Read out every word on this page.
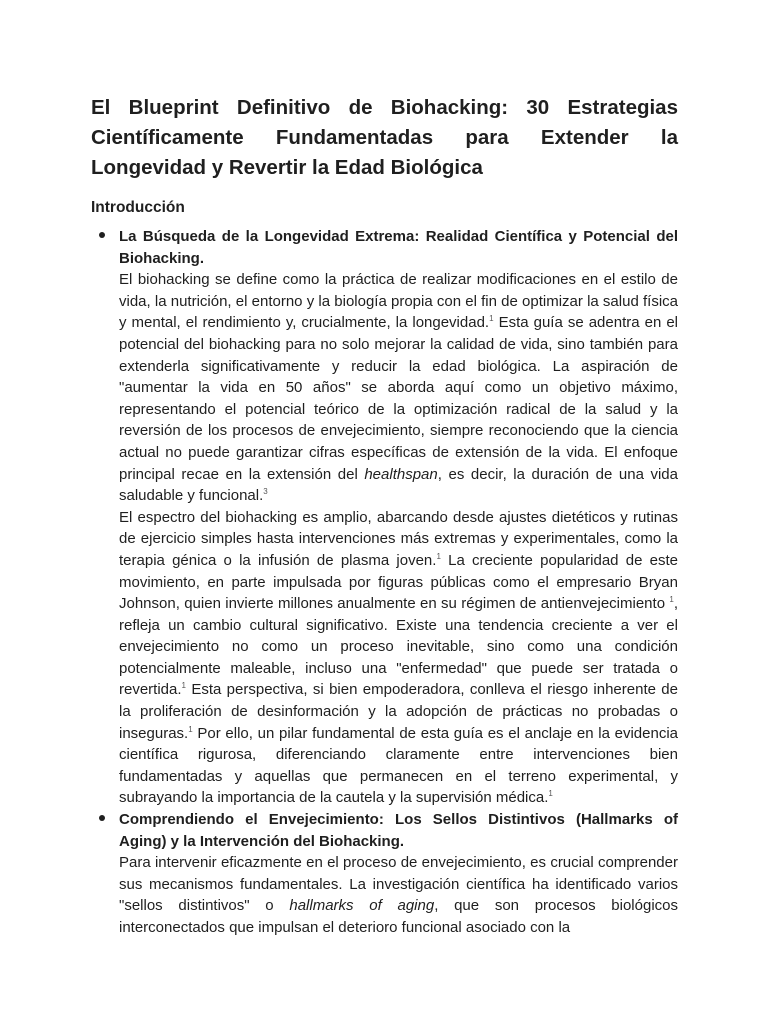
El Blueprint Definitivo de Biohacking: 30 Estrategias Científicamente Fundamentadas para Extender la Longevidad y Revertir la Edad Biológica
Introducción

La Búsqueda de la Longevidad Extrema: Realidad Científica y Potencial del Biohacking.

El biohacking se define como la práctica de realizar modificaciones en el estilo de vida, la nutrición, el entorno y la biología propia con el fin de optimizar la salud física y mental, el rendimiento y, crucialmente, la longevidad.$^1$ Esta guía se adentra en el potencial del biohacking para no solo mejorar la calidad de vida, sino también para extenderla significativamente y reducir la edad biológica. La aspiración de "aumentar la vida en 50 años" se aborda aquí como un objetivo máximo, representando el potencial teórico de la optimización radical de la salud y la reversión de los procesos de envejecimiento, siempre reconociendo que la ciencia actual no puede garantizar cifras específicas de extensión de la vida. El enfoque principal recae en la extensión del healthspan, es decir, la duración de una vida saludable y funcional.$^3$

El espectro del biohacking es amplio, abarcando desde ajustes dietéticos y rutinas de ejercicio simples hasta intervenciones más extremas y experimentales, como la terapia génica o la infusión de plasma joven.$^1$ La creciente popularidad de este movimiento, en parte impulsada por figuras públicas como el empresario Bryan Johnson, quien invierte millones anualmente en su régimen de antienvejecimiento $^1$, refleja un cambio cultural significativo. Existe una tendencia creciente a ver el envejecimiento no como un proceso inevitable, sino como una condición potencialmente maleable, incluso una "enfermedad" que puede ser tratada o revertida.$^1$ Esta perspectiva, si bien empoderadora, conlleva el riesgo inherente de la proliferación de desinformación y la adopción de prácticas no probadas o inseguras.$^1$ Por ello, un pilar fundamental de esta guía es el anclaje en la evidencia científica rigurosa, diferenciando claramente entre intervenciones bien fundamentadas y aquellas que permanecen en el terreno experimental, y subrayando la importancia de la cautela y la supervisión médica.$^1$

Comprendiendo el Envejecimiento: Los Sellos Distintivos (Hallmarks of Aging) y la Intervención del Biohacking.

Para intervenir eficazmente en el proceso de envejecimiento, es crucial comprender sus mecanismos fundamentales. La investigación científica ha identificado varios "sellos distintivos" o hallmarks of aging, que son procesos biológicos interconectados que impulsan el deterioro funcional asociado con la
